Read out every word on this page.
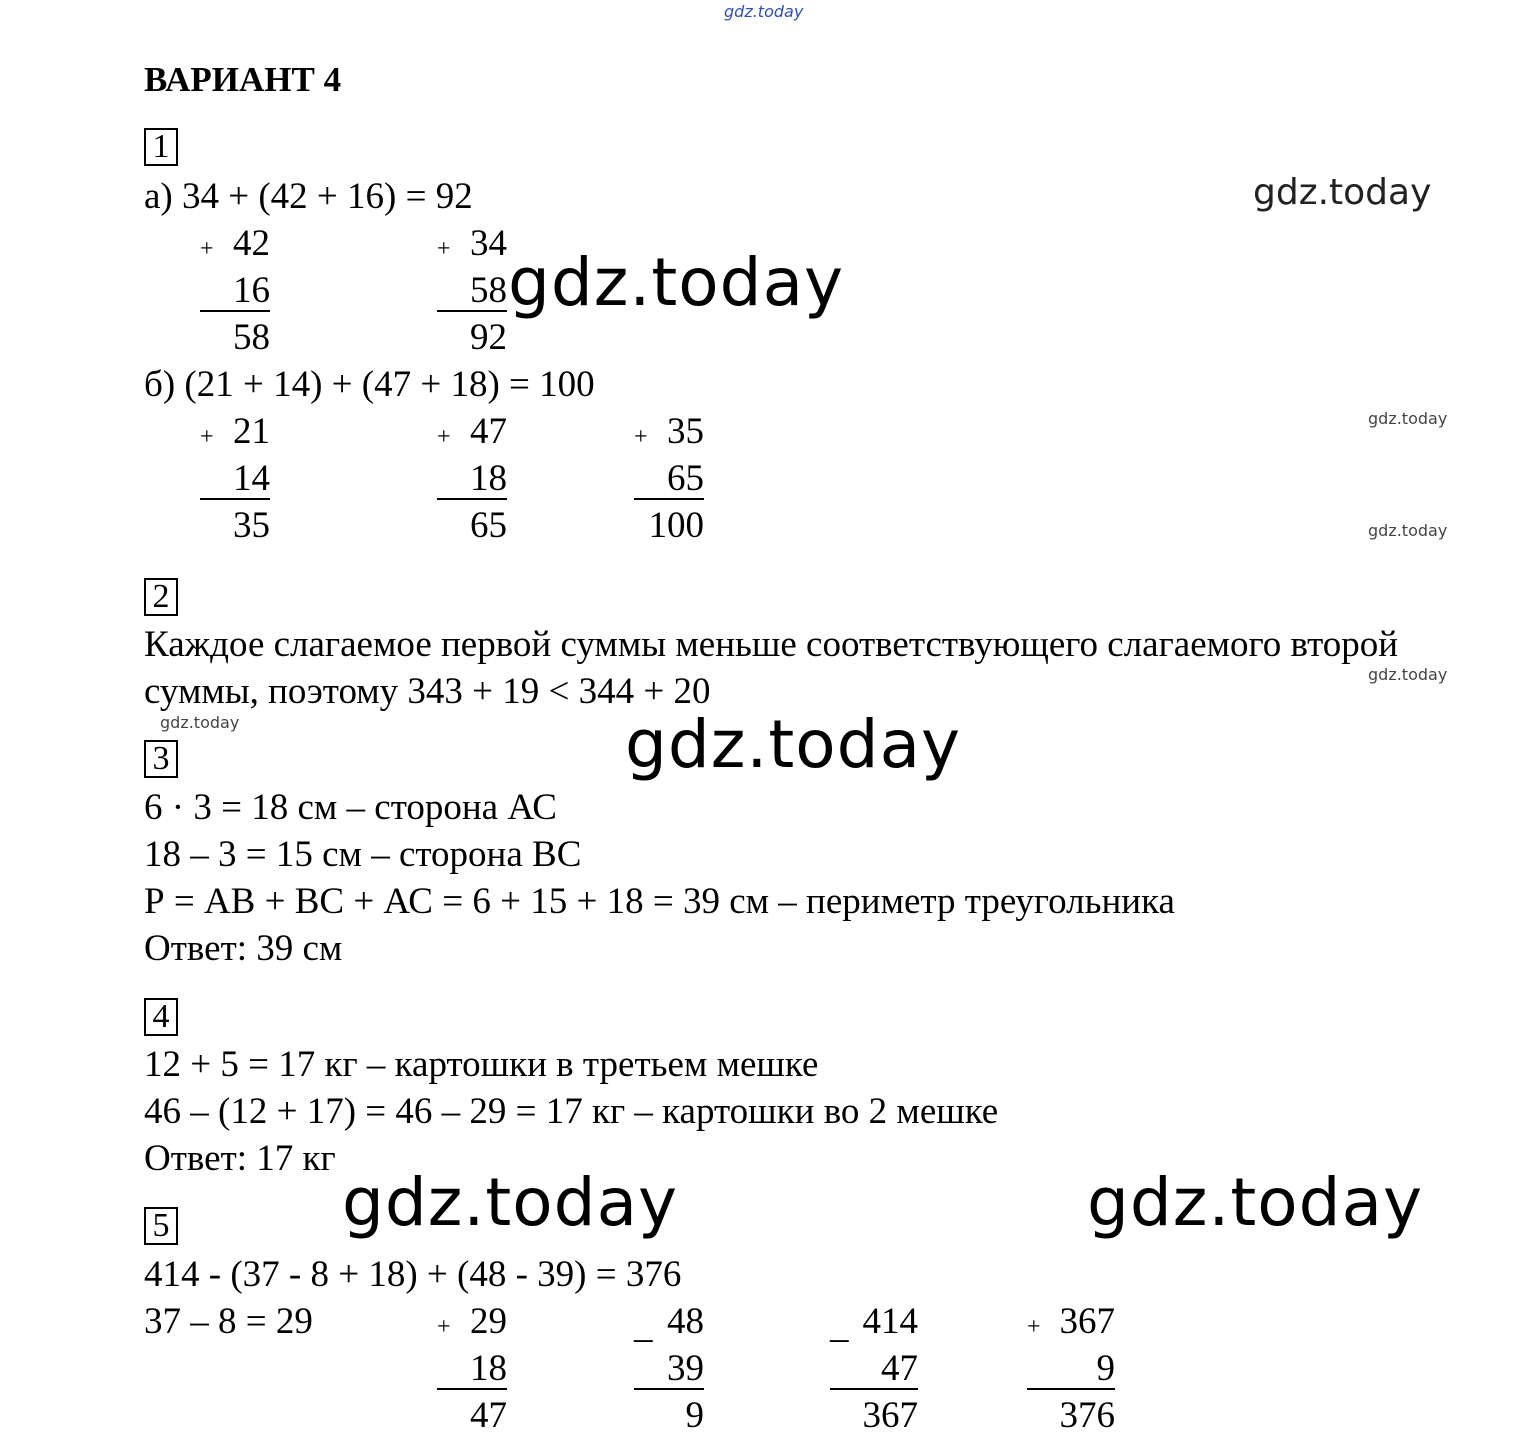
gdz.today
gdz.today
gdz.today
gdz.today
gdz.today
gdz.today
gdz.today	gdz.today
gdz.today	gdz.today
ВАРИАНТ 4
1
а) 34 + (42 + 16) = 92
+ 42
16
58
+ 34
58
92
б) (21 + 14) + (47 + 18) = 100
+ 21
14
35
+ 47
18
65
+ 35
65
100
2
Каждое слагаемое первой суммы меньше соответствующего слагаемого второй
суммы, поэтому 343 + 19 < 344 + 20
3
6 · 3 = 18 см – сторона АС
18 – 3 = 15 см – сторона ВС
Р = АВ + ВС + АС = 6 + 15 + 18 = 39 см – периметр треугольника
Ответ: 39 см
4
12 + 5 = 17 кг – картошки в третьем мешке
46 – (12 + 17) = 46 – 29 = 17 кг – картошки во 2 мешке
Ответ: 17 кг
5
414 - (37 - 8 + 18) + (48 - 39) = 376
37 – 8 = 29	+ 29
18
47
_ 48
39
9
_ 414
47
367
+ 367
9
376
